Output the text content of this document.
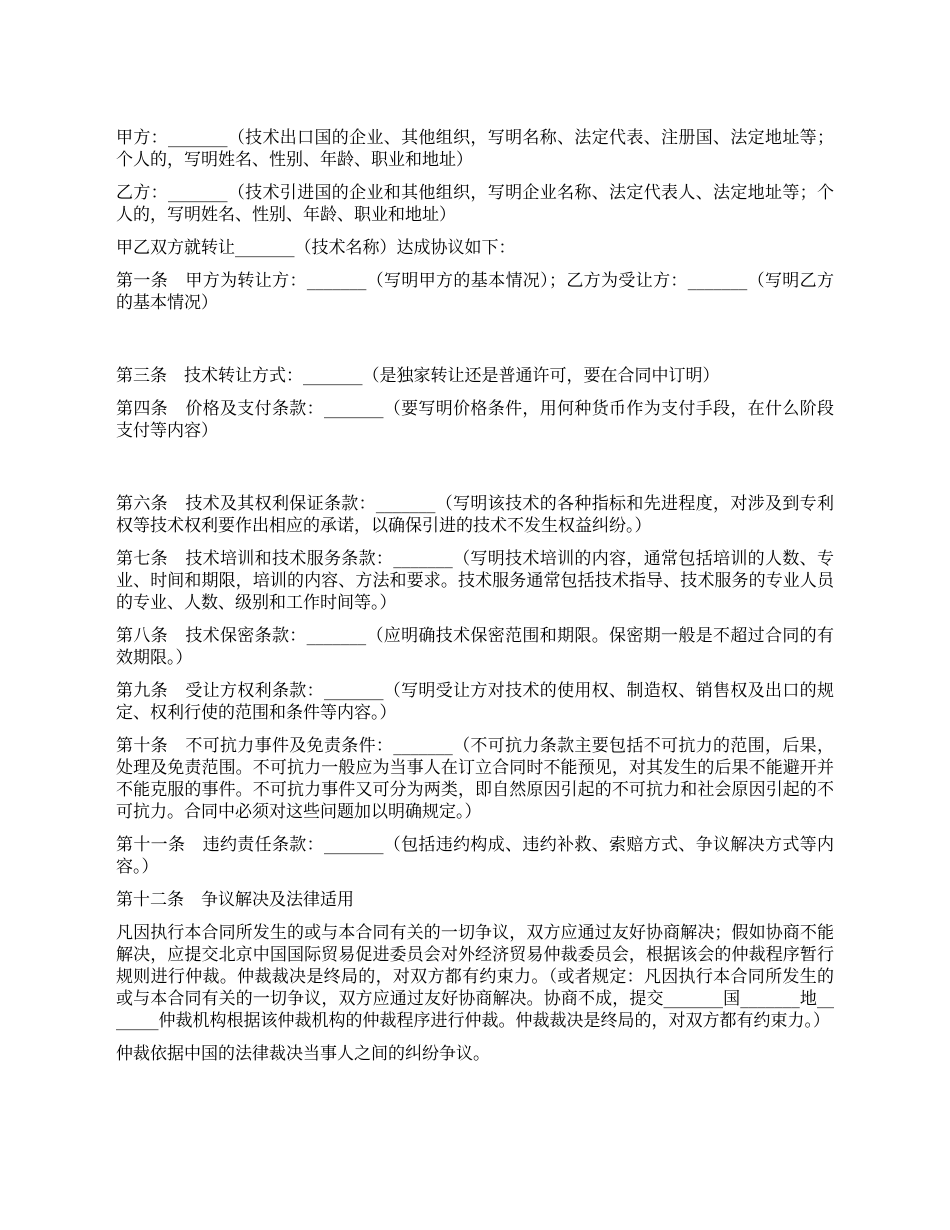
甲方：_______（技术出口国的企业、其他组织，写明名称、法定代表、注册国、法定地址等；个人的，写明姓名、性别、年龄、职业和地址）

乙方：_______（技术引进国的企业和其他组织，写明企业名称、法定代表人、法定地址等；个人的，写明姓名、性别、年龄、职业和地址）

甲乙双方就转让_______（技术名称）达成协议如下：

第一条　甲方为转让方：_______（写明甲方的基本情况）；乙方为受让方：_______（写明乙方的基本情况）

第三条　技术转让方式：_______（是独家转让还是普通许可，要在合同中订明）

第四条　价格及支付条款：_______（要写明价格条件，用何种货币作为支付手段，在什么阶段支付等内容）

第六条　技术及其权利保证条款：_______（写明该技术的各种指标和先进程度，对涉及到专利权等技术权利要作出相应的承诺，以确保引进的技术不发生权益纠纷。）

第七条　技术培训和技术服务条款：_______（写明技术培训的内容，通常包括培训的人数、专业、时间和期限，培训的内容、方法和要求。技术服务通常包括技术指导、技术服务的专业人员的专业、人数、级别和工作时间等。）

第八条　技术保密条款：_______（应明确技术保密范围和期限。保密期一般是不超过合同的有效期限。）

第九条　受让方权利条款：_______（写明受让方对技术的使用权、制造权、销售权及出口的规定、权利行使的范围和条件等内容。）

第十条　不可抗力事件及免责条件：_______（不可抗力条款主要包括不可抗力的范围，后果，处理及免责范围。不可抗力一般应为当事人在订立合同时不能预见，对其发生的后果不能避开并不能克服的事件。不可抗力事件又可分为两类，即自然原因引起的不可抗力和社会原因引起的不可抗力。合同中必须对这些问题加以明确规定。）

第十一条　违约责任条款：_______（包括违约构成、违约补救、索赔方式、争议解决方式等内容。）

第十二条　争议解决及法律适用

凡因执行本合同所发生的或与本合同有关的一切争议，双方应通过友好协商解决；假如协商不能解决，应提交北京中国国际贸易促进委员会对外经济贸易仲裁委员会，根据该会的仲裁程序暂行规则进行仲裁。仲裁裁决是终局的，对双方都有约束力。（或者规定：凡因执行本合同所发生的或与本合同有关的一切争议，双方应通过友好协商解决。协商不成，提交_______国_______地_______仲裁机构根据该仲裁机构的仲裁程序进行仲裁。仲裁裁决是终局的，对双方都有约束力。）

仲裁依据中国的法律裁决当事人之间的纠纷争议。
